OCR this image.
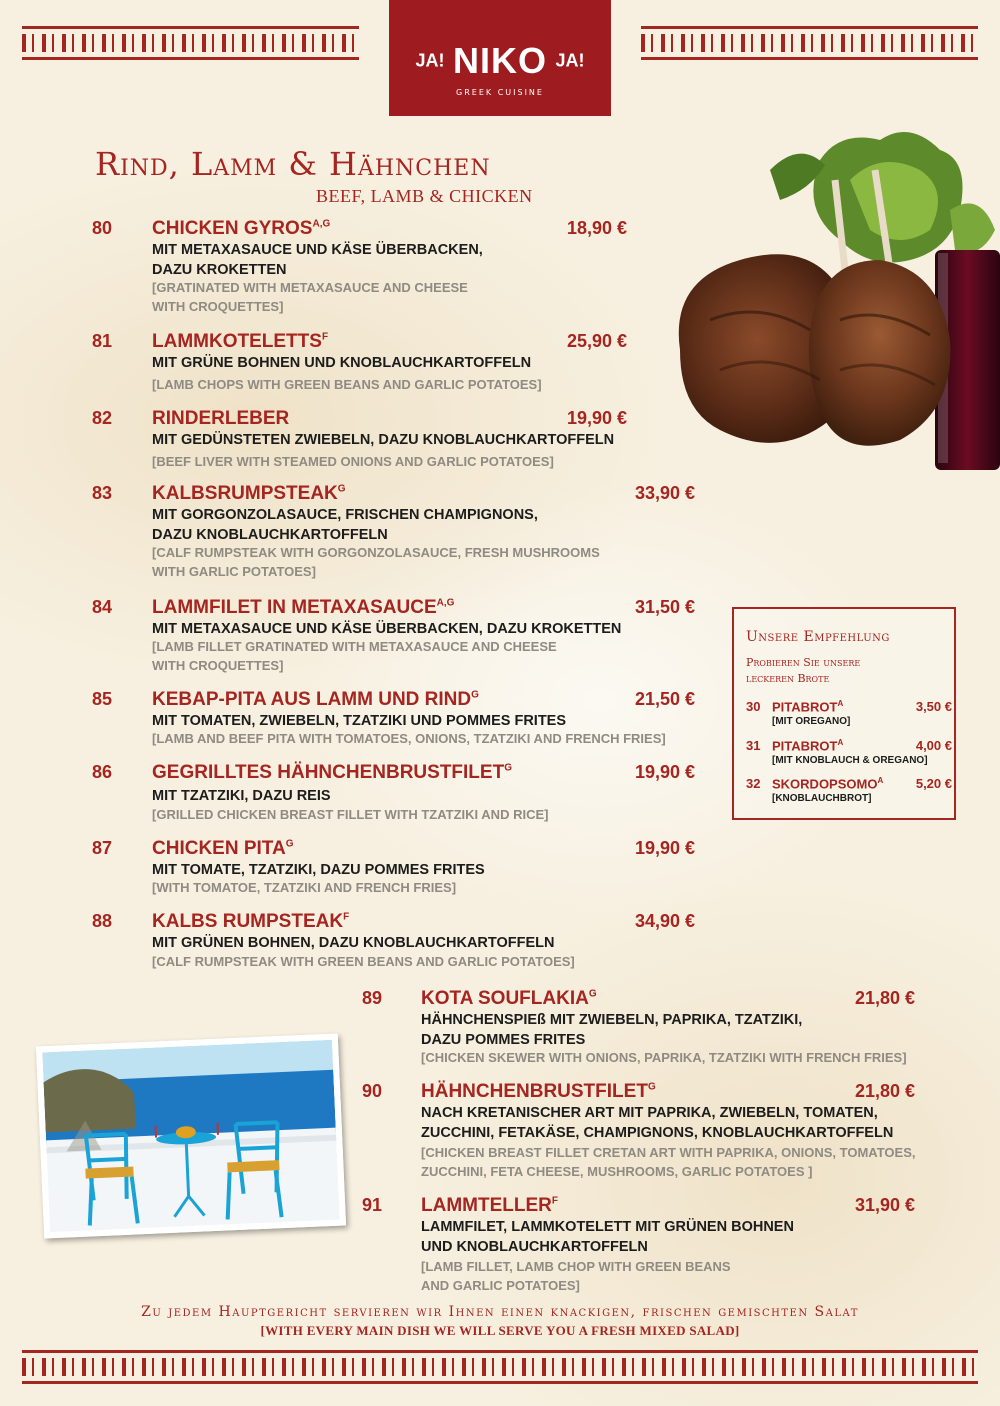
JA! NIKO JA!
GREEK CUISINE
Rind, Lamm & Hähnchen
BEEF, LAMB & CHICKEN
80 CHICKEN $GYROS^{A,G}$	18,90 €
MIT METAXASAUCE UND KÄSE ÜBERBACKEN,
DAZU KROKETTEN
[GRATINATED WITH METAXASAUCE AND CHEESE
WITH CROQUETTES]
81 $LAMMKOTELETTS^F$	25,90 €
MIT GRÜNE BOHNEN UND KNOBLAUCHKARTOFFELN
[LAMB CHOPS WITH GREEN BEANS AND GARLIC POTATOES]
82 RINDERLEBER	19,90 €
MIT GEDÜNSTETEN ZWIEBELN, DAZU KNOBLAUCHKARTOFFELN
[BEEF LIVER WITH STEAMED ONIONS AND GARLIC POTATOES]
83 $KALBSRUMPSTEAK^G$	33,90 €
MIT GORGONZOLASAUCE, FRISCHEN CHAMPIGNONS,
DAZU KNOBLAUCHKARTOFFELN
[CALF RUMPSTEAK WITH GORGONZOLASAUCE, FRESH MUSHROOMS
WITH GARLIC POTATOES]
84 LAMMFILET IN $METAXASAUCE^{A,G}$	31,50 €
MIT METAXASAUCE UND KÄSE ÜBERBACKEN, DAZU KROKETTEN
[LAMB FILLET GRATINATED WITH METAXASAUCE AND CHEESE
WITH CROQUETTES]
85 KEBAP-PITA AUS LAMM UND $RIND^G$	21,50 €
MIT TOMATEN, ZWIEBELN, TZATZIKI UND POMMES FRITES
[LAMB AND BEEF PITA WITH TOMATOES, ONIONS, TZATZIKI AND FRENCH FRIES]
86 GEGRILLTES $HÄHNCHENBRUSTFILET^G$	19,90 €
MIT TZATZIKI, DAZU REIS
[GRILLED CHICKEN BREAST FILLET WITH TZATZIKI AND RICE]
87 CHICKEN $PITA^G$	19,90 €
MIT TOMATE, TZATZIKI, DAZU POMMES FRITES
[WITH TOMATOE, TZATZIKI AND FRENCH FRIES]
88 KALBS $RUMPSTEAK^F$	34,90 €
MIT GRÜNEN BOHNEN, DAZU KNOBLAUCHKARTOFFELN
[CALF RUMPSTEAK WITH GREEN BEANS AND GARLIC POTATOES]
89 KOTA $SOUFLAKIA^G$	21,80 €
HÄHNCHENSPIEß MIT ZWIEBELN, PAPRIKA, TZATZIKI,
DAZU POMMES FRITES
[CHICKEN SKEWER WITH ONIONS, PAPRIKA, TZATZIKI WITH FRENCH FRIES]
90 $HÄHNCHENBRUSTFILET^G$	21,80 €
NACH KRETANISCHER ART MIT PAPRIKA, ZWIEBELN, TOMATEN,
ZUCCHINI, FETAKÄSE, CHAMPIGNONS, KNOBLAUCHKARTOFFELN
[CHICKEN BREAST FILLET CRETAN ART WITH PAPRIKA, ONIONS, TOMATOES,
ZUCCHINI, FETA CHEESE, MUSHROOMS, GARLIC POTATOES ]
91 $LAMMTELLER^F$	31,90 €
LAMMFILET, LAMMKOTELETT MIT GRÜNEN BOHNEN
UND KNOBLAUCHKARTOFFELN
[LAMB FILLET, LAMB CHOP WITH GREEN BEANS
AND GARLIC POTATOES]
Unsere Empfehlung
Probieren Sie unsere
leckeren Brote
30 $PITABROT^A$	3,50 €
[MIT OREGANO]
31 $PITABROT^A$	4,00 €
[MIT KNOBLAUCH & OREGANO]
32 $SKORDOPSOMO^A$	5,20 €
[KNOBLAUCHBROT]
Zu jedem Hauptgericht servieren wir Ihnen einen knackigen, frischen gemischten Salat
[WITH EVERY MAIN DISH WE WILL SERVE YOU A FRESH MIXED SALAD]
